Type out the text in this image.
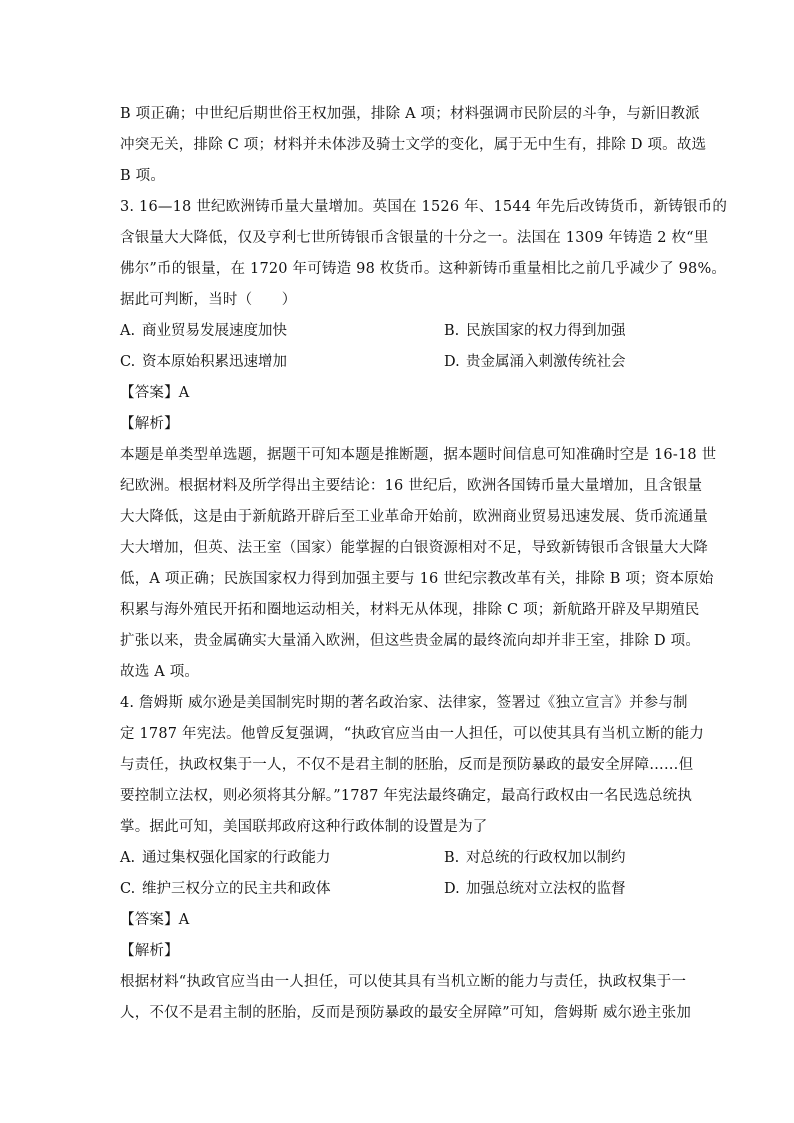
B 项正确；中世纪后期世俗王权加强，排除 A 项；材料强调市民阶层的斗争，与新旧教派
冲突无关，排除 C 项；材料并未体涉及骑士文学的变化，属于无中生有，排除 D 项。故选
B 项。
3. 16—18 世纪欧洲铸币量大量增加。英国在 1526 年、1544 年先后改铸货币，新铸银币的
含银量大大降低，仅及亨利七世所铸银币含银量的十分之一。法国在 1309 年铸造 2 枚“里
佛尔”币的银量，在 1720 年可铸造 98 枚货币。这种新铸币重量相比之前几乎减少了 98%。
据此可判断，当时（　　）
A. 商业贸易发展速度加快	B. 民族国家的权力得到加强
C. 资本原始积累迅速增加	D. 贵金属涌入刺激传统社会
【答案】A
【解析】
本题是单类型单选题，据题干可知本题是推断题，据本题时间信息可知准确时空是 16-18 世
纪欧洲。根据材料及所学得出主要结论：16 世纪后，欧洲各国铸币量大量增加，且含银量
大大降低，这是由于新航路开辟后至工业革命开始前，欧洲商业贸易迅速发展、货币流通量
大大增加，但英、法王室（国家）能掌握的白银资源相对不足，导致新铸银币含银量大大降
低，A 项正确；民族国家权力得到加强主要与 16 世纪宗教改革有关，排除 B 项；资本原始
积累与海外殖民开拓和圈地运动相关，材料无从体现，排除 C 项；新航路开辟及早期殖民
扩张以来，贵金属确实大量涌入欧洲，但这些贵金属的最终流向却并非王室，排除 D 项。
故选 A 项。
4. 詹姆斯 威尔逊是美国制宪时期的著名政治家、法律家，签署过《独立宣言》并参与制
定 1787 年宪法。他曾反复强调，“执政官应当由一人担任，可以使其具有当机立断的能力
与责任，执政权集于一人，不仅不是君主制的胚胎，反而是预防暴政的最安全屏障……但
要控制立法权，则必须将其分解。”1787 年宪法最终确定，最高行政权由一名民选总统执
掌。据此可知，美国联邦政府这种行政体制的设置是为了
A. 通过集权强化国家的行政能力	B. 对总统的行政权加以制约
C. 维护三权分立的民主共和政体	D. 加强总统对立法权的监督
【答案】A
【解析】
根据材料“执政官应当由一人担任，可以使其具有当机立断的能力与责任，执政权集于一
人，不仅不是君主制的胚胎，反而是预防暴政的最安全屏障”可知，詹姆斯 威尔逊主张加
